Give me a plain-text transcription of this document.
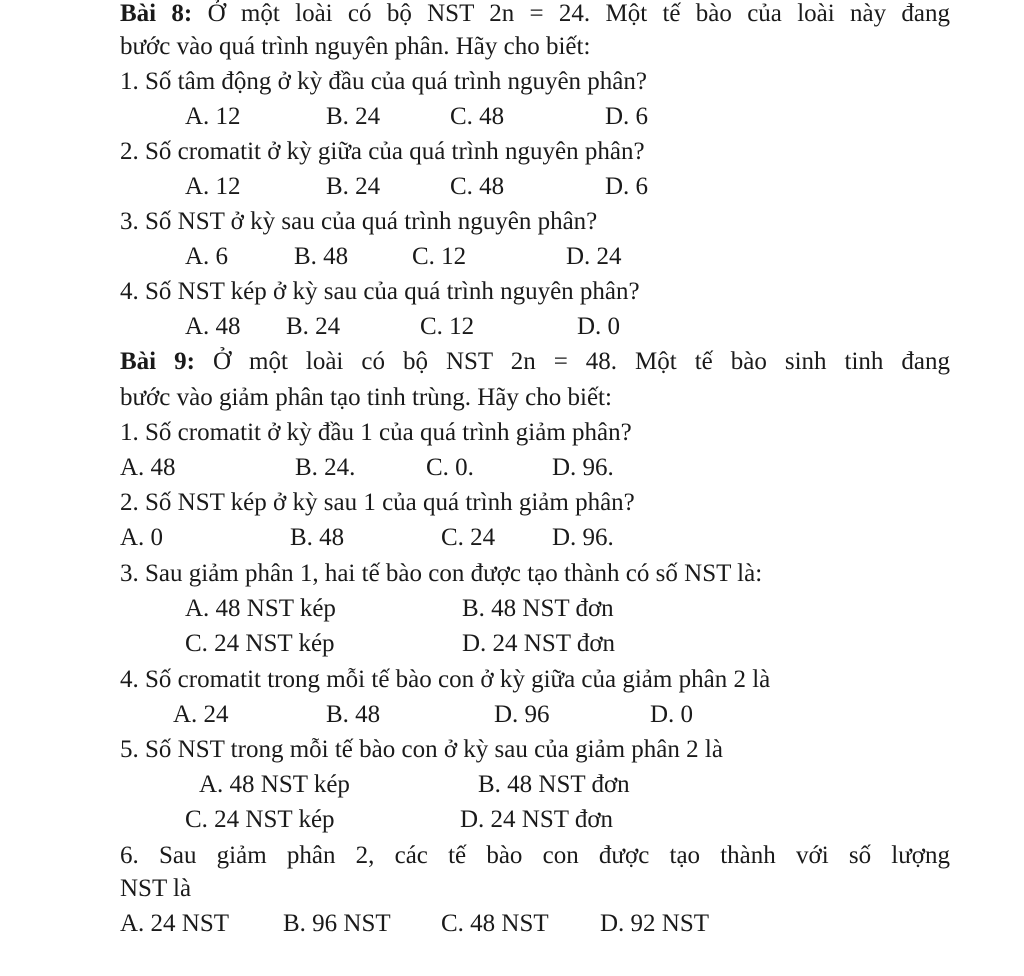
Bài 8: Ở một loài có bộ NST 2n = 24. Một tế bào của loài này đang
bước vào quá trình nguyên phân. Hãy cho biết:
1. Số tâm động ở kỳ đầu của quá trình nguyên phân?
A. 12	B. 24	C. 48	D. 6
2. Số cromatit ở kỳ giữa của quá trình nguyên phân?
A. 12	B. 24	C. 48	D. 6
3. Số NST ở kỳ sau của quá trình nguyên phân?
A. 6	B. 48	C. 12	D. 24
4. Số NST kép ở kỳ sau của quá trình nguyên phân?
A. 48 B. 24	C. 12	D. 0
Bài 9: Ở một loài có bộ NST 2n = 48. Một tế bào sinh tinh đang
bước vào giảm phân tạo tinh trùng. Hãy cho biết:
1. Số cromatit ở kỳ đầu 1 của quá trình giảm phân?
A. 48	B. 24.	C. 0.	D. 96.
2. Số NST kép ở kỳ sau 1 của quá trình giảm phân?
A. 0	B. 48	C. 24 D. 96.
3. Sau giảm phân 1, hai tế bào con được tạo thành có số NST là:
A. 48 NST kép	B. 48 NST đơn
C. 24 NST kép	D. 24 NST đơn
4. Số cromatit trong mỗi tế bào con ở kỳ giữa của giảm phân 2 là
A. 24	B. 48	D. 96	D. 0
5. Số NST trong mỗi tế bào con ở kỳ sau của giảm phân 2 là
A. 48 NST kép	B. 48 NST đơn
C. 24 NST kép	D. 24 NST đơn
6. Sau giảm phân 2, các tế bào con được tạo thành với số lượng
NST là
A. 24 NST B. 96 NST C. 48 NST D. 92 NST
